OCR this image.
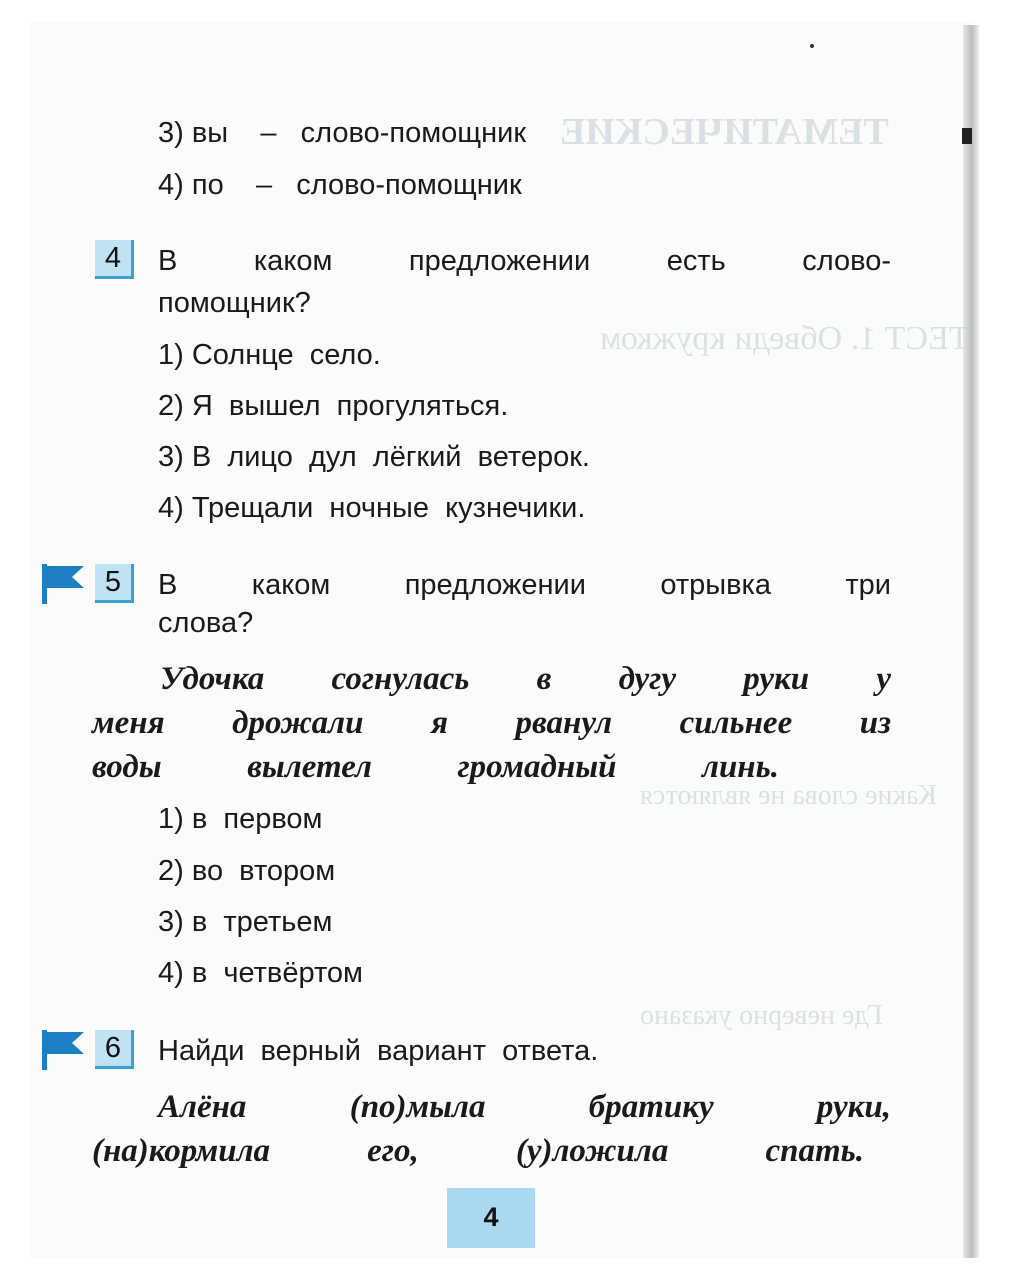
ТЕМАТИЧЕСКИЕ
ТЕСТ 1. Обведи кружком
Какие слова не являются
Где неверно указано
3) вы – слово-помощник
4) по – слово-помощник
4	В	каком	предложении	есть	слово-
помощник?
1) Солнце  село.
2) Я  вышел  прогуляться.
3) В  лицо  дул  лёгкий  ветерок.
4) Трещали  ночные  кузнечики.
5	В	каком	предложении	отрывка	три
слова?
Удочка согнулась в дугу руки у
меня дрожали я рванул сильнее из
воды	вылетел	громадный	линь.
1) в  первом
2) во  втором
3) в  третьем
4) в  четвёртом
6	Найди  верный  вариант  ответа.
Алёна	(по)мыла	братику	руки,
(на)кормила	его,	(у)ложила	спать.
4
